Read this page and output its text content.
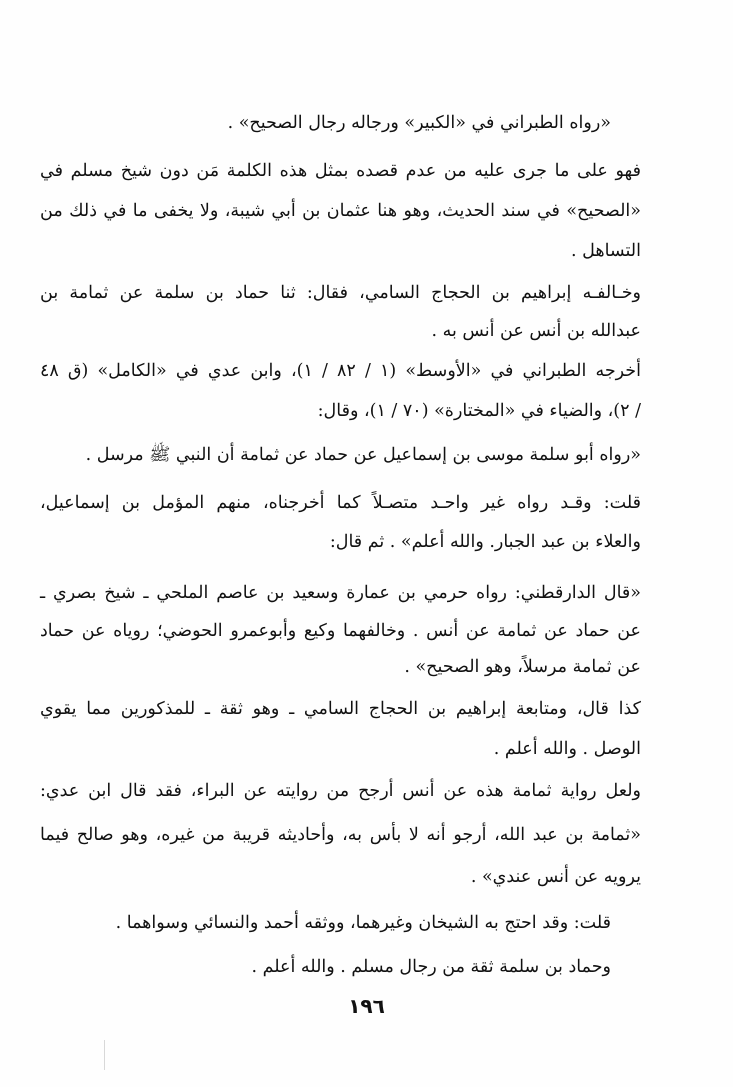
«رواه الطبراني في «الكبير» ورجاله رجال الصحيح» .
فهو على ما جرى عليه من عدم قصده بمثل هذه الكلمة مَن دون شيخ مسلم في
«الصحيح» في سند الحديث، وهو هنا عثمان بن أبي شيبة، ولا يخفى ما في ذلك من
التساهل .
وخـالفـه إبراهيم بن الحجاج السامي، فقال: ثنا حماد بن سلمة عن ثمامة بن
عبدالله بن أنس عن أنس به .
أخرجه الطبراني في «الأوسط» (١ / ٨٢ / ١)، وابن عدي في «الكامل» (ق ٤٨
/ ٢)، والضياء في «المختارة» (٧٠ / ١)، وقال:
«رواه أبو سلمة موسى بن إسماعيل عن حماد عن ثمامة أن النبي ﷺ مرسل .
قلت: وقـد رواه غير واحـد متصـلاً كما أخرجناه، منهم المؤمل بن إسماعيل،
والعلاء بن عبد الجبار. والله أعلم» . ثم قال:
«قال الدارقطني: رواه حرمي بن عمارة وسعيد بن عاصم الملحي ـ شيخ بصري ـ
عن حماد عن ثمامة عن أنس . وخالفهما وكيع وأبوعمرو الحوضي؛ روياه عن حماد
عن ثمامة مرسلاً، وهو الصحيح» .
كذا قال، ومتابعة إبراهيم بن الحجاج السامي ـ وهو ثقة ـ للمذكورين مما يقوي
الوصل . والله أعلم .
ولعل رواية ثمامة هذه عن أنس أرجح من روايته عن البراء، فقد قال ابن عدي:
«ثمامة بن عبد الله، أرجو أنه لا بأس به، وأحاديثه قريبة من غيره، وهو صالح فيما
يرويه عن أنس عندي» .
قلت: وقد احتج به الشيخان وغيرهما، ووثقه أحمد والنسائي وسواهما .
وحماد بن سلمة ثقة من رجال مسلم . والله أعلم .
١٩٦
